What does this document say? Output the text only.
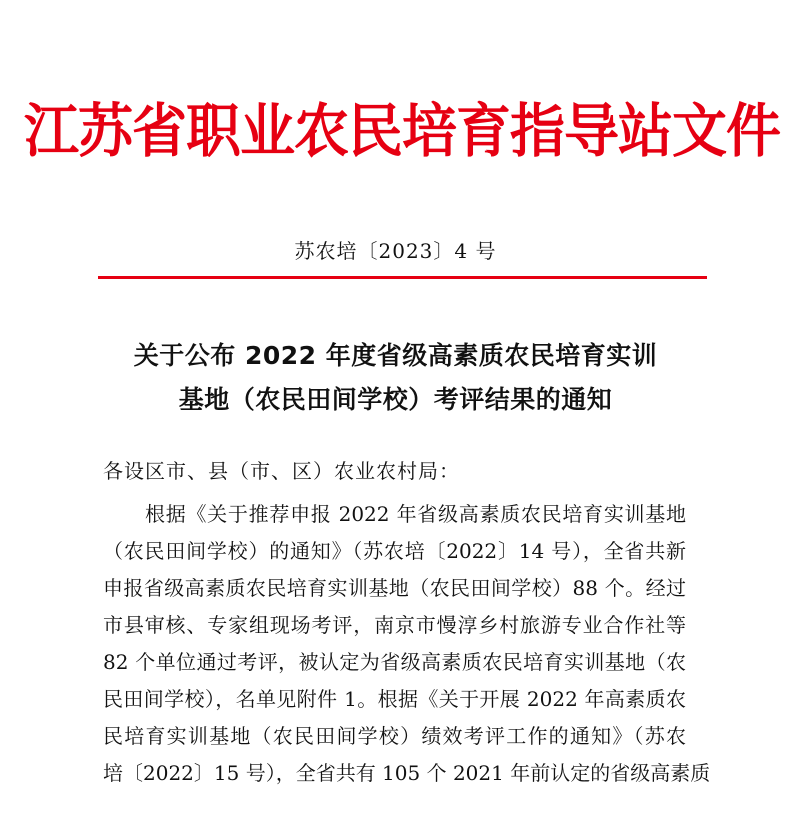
江苏省职业农民培育指导站文件
苏农培〔2023〕4 号
关于公布 2022 年度省级高素质农民培育实训
基地（农民田间学校）考评结果的通知
各设区市、县（市、区）农业农村局：
根据《关于推荐申报 2022 年省级高素质农民培育实训基地
（农民田间学校）的通知》（苏农培〔2022〕14 号），全省共新
申报省级高素质农民培育实训基地（农民田间学校）88 个。经过
市县审核、专家组现场考评，南京市慢淳乡村旅游专业合作社等
82 个单位通过考评，被认定为省级高素质农民培育实训基地（农
民田间学校），名单见附件 1。根据《关于开展 2022 年高素质农
民培育实训基地（农民田间学校）绩效考评工作的通知》（苏农
培〔2022〕15 号），全省共有 105 个 2021 年前认定的省级高素质
